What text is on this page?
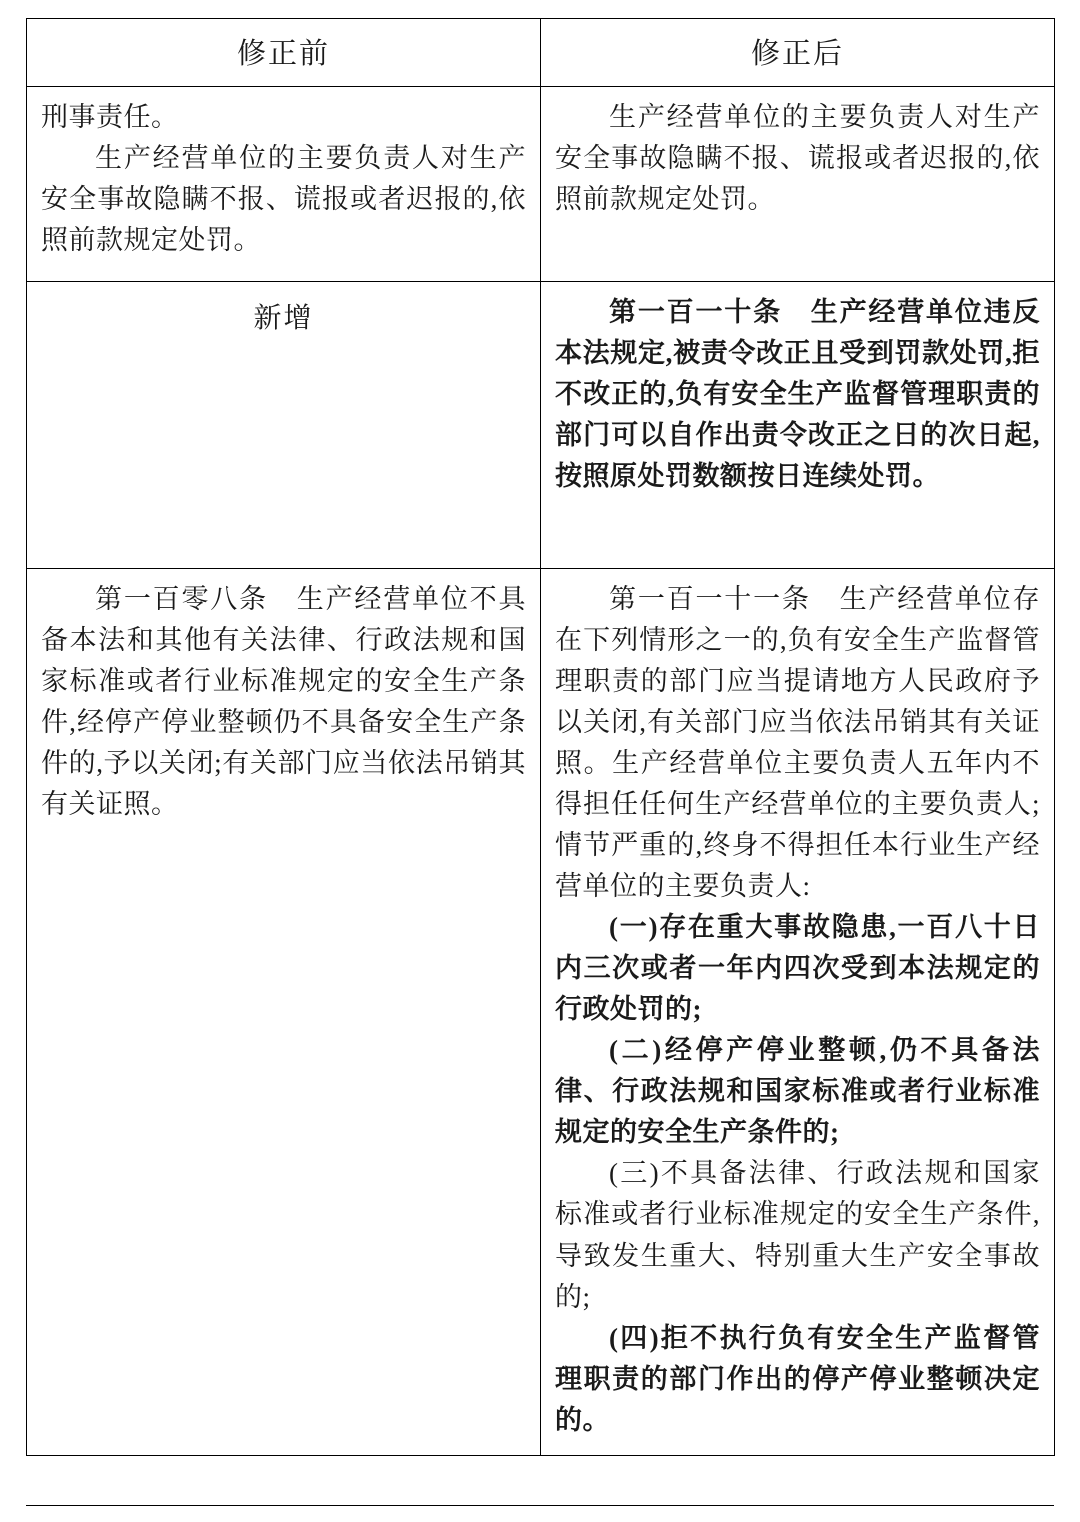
修正前	修正后

刑事责任。

生产经营单位的主要负责人对生产安全事故隐瞒不报、谎报或者迟报的,依照前款规定处罚。	生产经营单位的主要负责人对生产安全事故隐瞒不报、谎报或者迟报的,依照前款规定处罚。

新增	第一百一十条　生产经营单位违反本法规定,被责令改正且受到罚款处罚,拒不改正的,负有安全生产监督管理职责的部门可以自作出责令改正之日的次日起,按照原处罚数额按日连续处罚。

第一百零八条　生产经营单位不具备本法和其他有关法律、行政法规和国家标准或者行业标准规定的安全生产条件,经停产停业整顿仍不具备安全生产条件的,予以关闭;有关部门应当依法吊销其有关证照。	第一百一十一条　生产经营单位存在下列情形之一的,负有安全生产监督管理职责的部门应当提请地方人民政府予以关闭,有关部门应当依法吊销其有关证照。生产经营单位主要负责人五年内不得担任任何生产经营单位的主要负责人;情节严重的,终身不得担任本行业生产经营单位的主要负责人:

(一)存在重大事故隐患,一百八十日内三次或者一年内四次受到本法规定的行政处罚的;

(二)经停产停业整顿,仍不具备法律、行政法规和国家标准或者行业标准规定的安全生产条件的;

(三)不具备法律、行政法规和国家标准或者行业标准规定的安全生产条件,导致发生重大、特别重大生产安全事故的;

(四)拒不执行负有安全生产监督管理职责的部门作出的停产停业整顿决定的。
